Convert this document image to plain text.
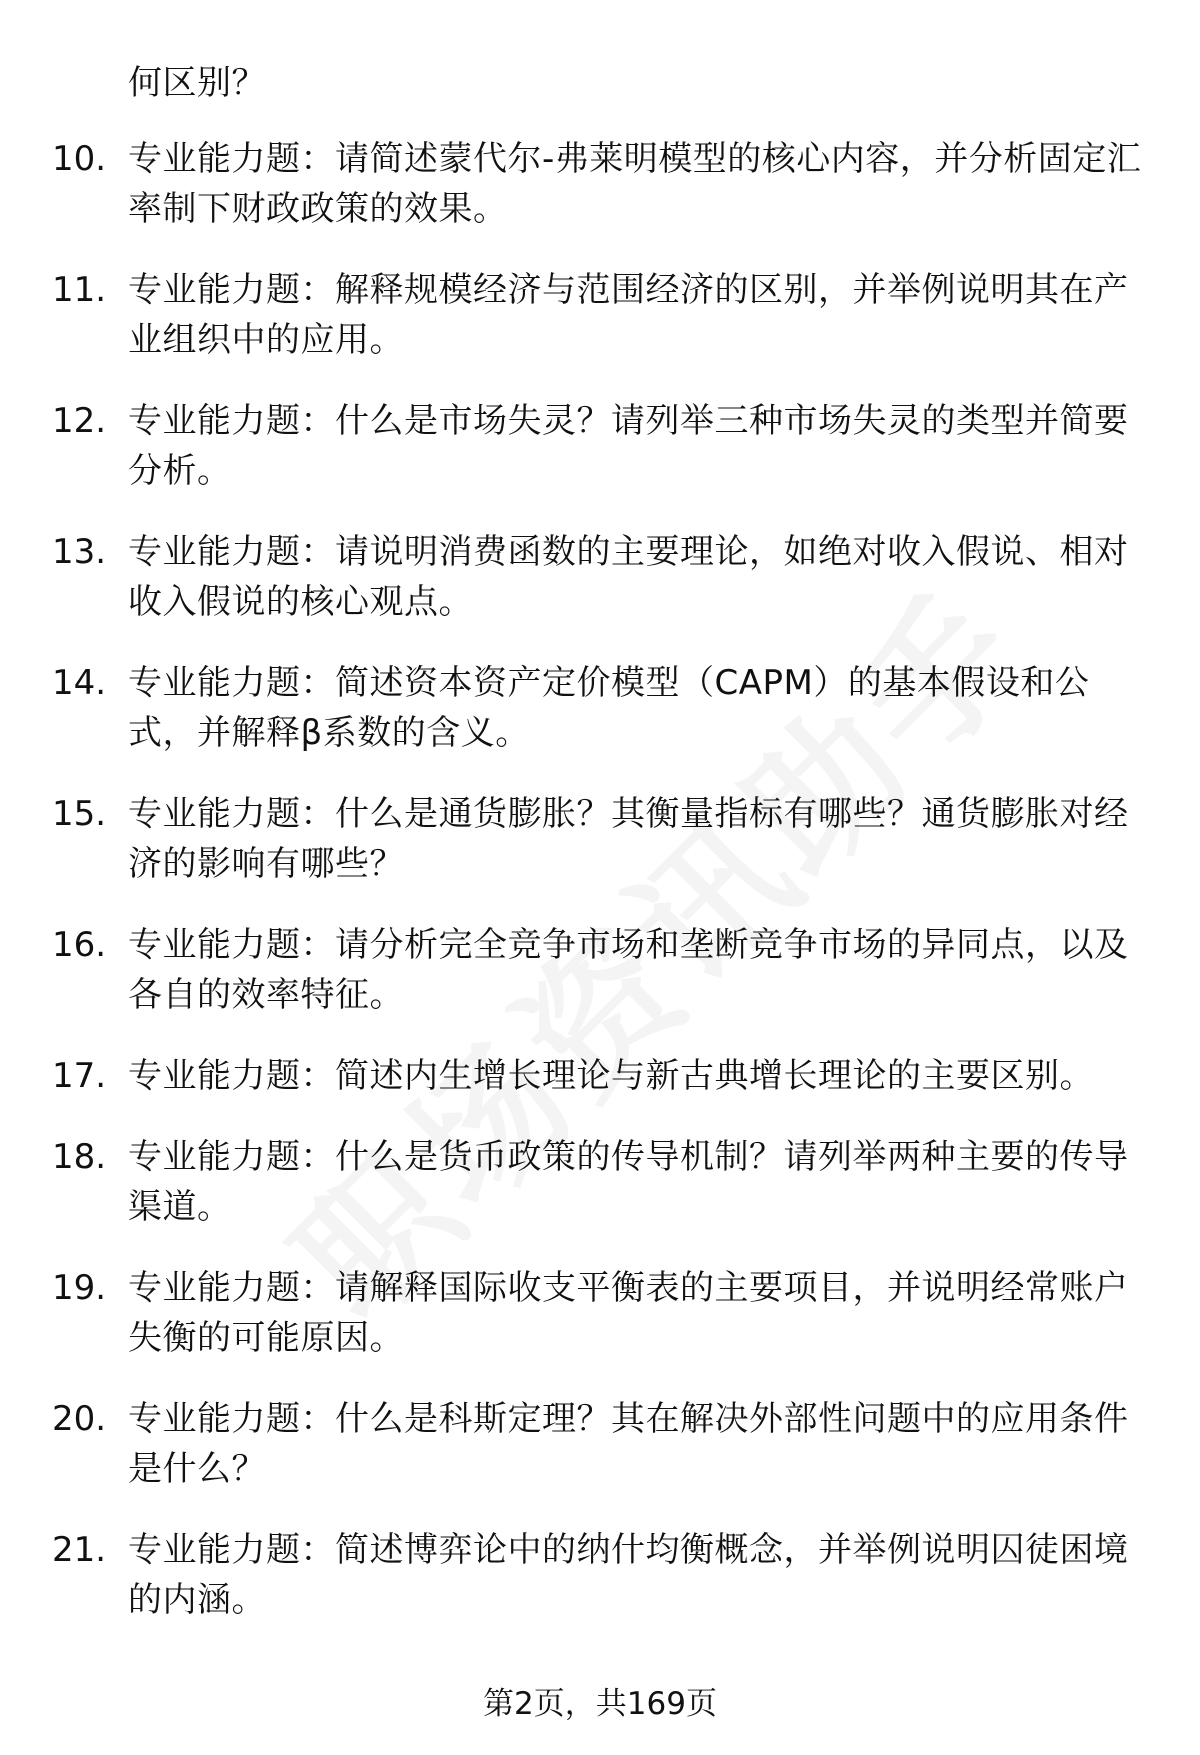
何区别？
10. 专业能力题：请简述蒙代尔-弗莱明模型的核心内容，并分析固定汇率制下财政政策的效果。
11. 专业能力题：解释规模经济与范围经济的区别，并举例说明其在产业组织中的应用。
12. 专业能力题：什么是市场失灵？请列举三种市场失灵的类型并简要分析。
13. 专业能力题：请说明消费函数的主要理论，如绝对收入假说、相对收入假说的核心观点。
14. 专业能力题：简述资本资产定价模型（CAPM）的基本假设和公式，并解释β系数的含义。
15. 专业能力题：什么是通货膨胀？其衡量指标有哪些？通货膨胀对经济的影响有哪些？
16. 专业能力题：请分析完全竞争市场和垄断竞争市场的异同点，以及各自的效率特征。
17. 专业能力题：简述内生增长理论与新古典增长理论的主要区别。
18. 专业能力题：什么是货币政策的传导机制？请列举两种主要的传导渠道。
19. 专业能力题：请解释国际收支平衡表的主要项目，并说明经常账户失衡的可能原因。
20. 专业能力题：什么是科斯定理？其在解决外部性问题中的应用条件是什么？
21. 专业能力题：简述博弈论中的纳什均衡概念，并举例说明囚徒困境的内涵。
第2页，共169页
